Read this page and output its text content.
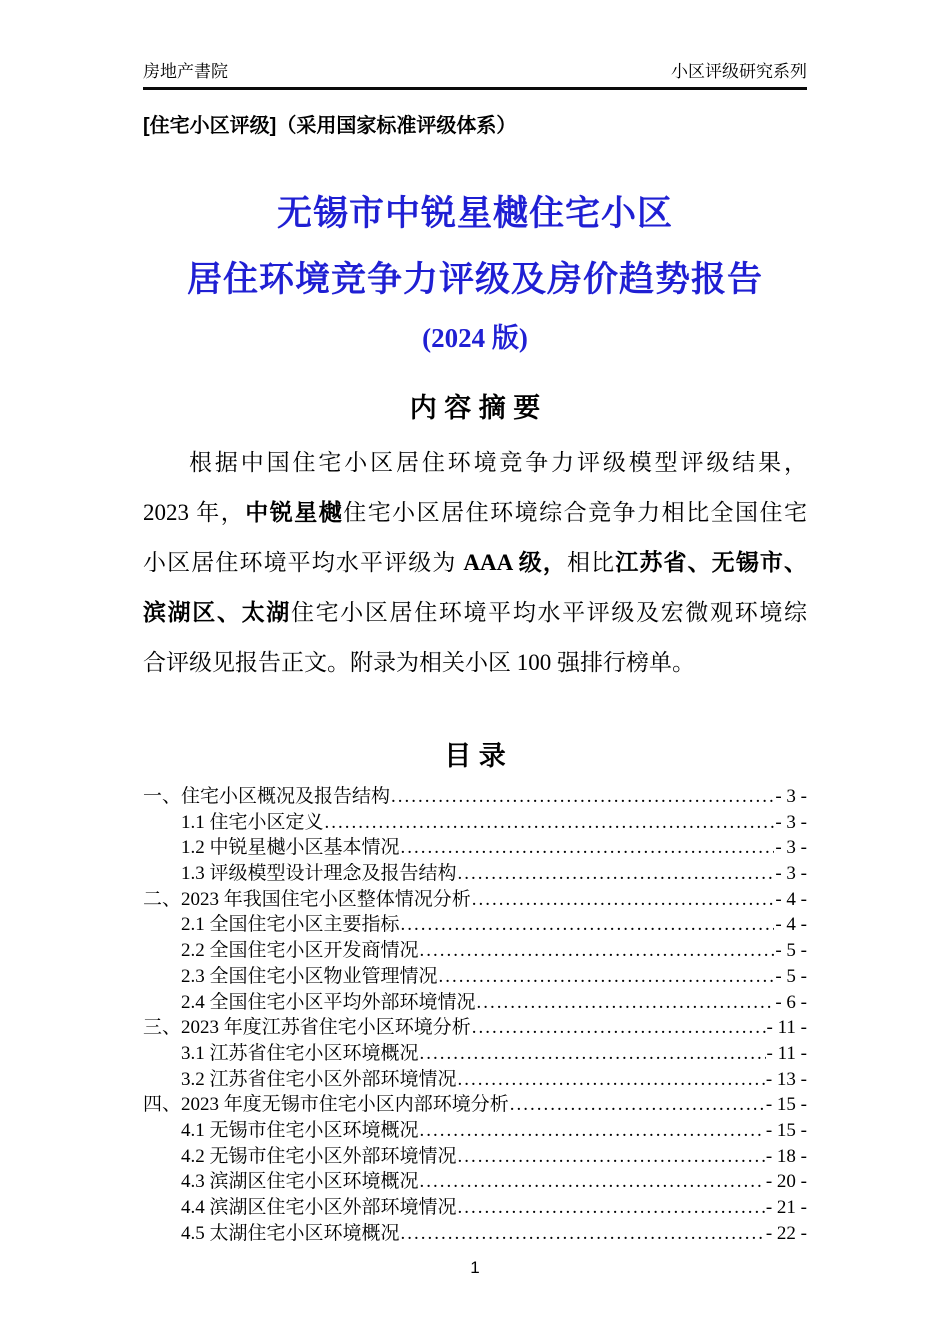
房地产書院	小区评级研究系列
[住宅小区评级]（采用国家标准评级体系）
无锡市中锐星樾住宅小区
居住环境竞争力评级及房价趋势报告
(2024 版)
内 容 摘 要
根据中国住宅小区居住环境竞争力评级模型评级结果，
2023 年，中锐星樾住宅小区居住环境综合竞争力相比全国住宅
小区居住环境平均水平评级为 AAA 级，相比江苏省、无锡市、
滨湖区、太湖住宅小区居住环境平均水平评级及宏微观环境综
合评级见报告正文。附录为相关小区 100 强排行榜单。
目 录
一、住宅小区概况及报告结构 .....	- 3 -
1.1 住宅小区定义 .....	- 3 -
1.2 中锐星樾小区基本情况 .....	- 3 -
1.3 评级模型设计理念及报告结构 .....	- 3 -
二、2023 年我国住宅小区整体情况分析 .....	- 4 -
2.1 全国住宅小区主要指标 .....	- 4 -
2.2 全国住宅小区开发商情况 .....	- 5 -
2.3 全国住宅小区物业管理情况 .....	- 5 -
2.4 全国住宅小区平均外部环境情况 .....	- 6 -
三、2023 年度江苏省住宅小区环境分析 .....	- 11 -
3.1 江苏省住宅小区环境概况 .....	- 11 -
3.2 江苏省住宅小区外部环境情况 .....	- 13 -
四、2023 年度无锡市住宅小区内部环境分析 .....	- 15 -
4.1 无锡市住宅小区环境概况 .....	- 15 -
4.2 无锡市住宅小区外部环境情况 .....	- 18 -
4.3 滨湖区住宅小区环境概况 .....	- 20 -
4.4 滨湖区住宅小区外部环境情况 .....	- 21 -
4.5 太湖住宅小区环境概况 .....	- 22 -
1
